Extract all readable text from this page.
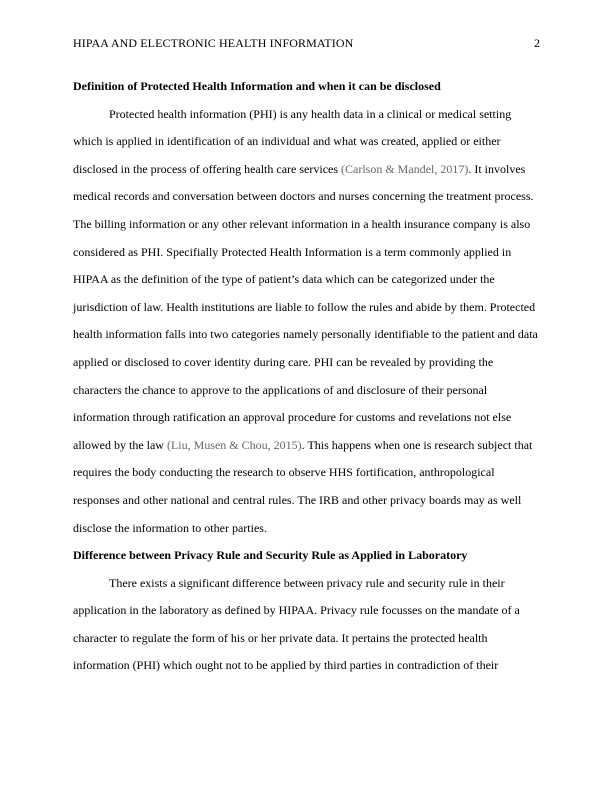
HIPAA AND ELECTRONIC HEALTH INFORMATION	2
Definition of Protected Health Information and when it can be disclosed
Protected health information (PHI) is any health data in a clinical or medical setting
which is applied in identification of an individual and what was created, applied or either
disclosed in the process of offering health care services (Carlson & Mandel, 2017). It involves
medical records and conversation between doctors and nurses concerning the treatment process.
The billing information or any other relevant information in a health insurance company is also
considered as PHI. Specifially Protected Health Information is a term commonly applied in
HIPAA as the definition of the type of patient’s data which can be categorized under the
jurisdiction of law. Health institutions are liable to follow the rules and abide by them. Protected
health information falls into two categories namely personally identifiable to the patient and data
applied or disclosed to cover identity during care. PHI can be revealed by providing the
characters the chance to approve to the applications of and disclosure of their personal
information through ratification an approval procedure for customs and revelations not else
allowed by the law (Liu, Musen & Chou, 2015). This happens when one is research subject that
requires the body conducting the research to observe HHS fortification, anthropological
responses and other national and central rules. The IRB and other privacy boards may as well
disclose the information to other parties.
Difference between Privacy Rule and Security Rule as Applied in Laboratory
There exists a significant difference between privacy rule and security rule in their
application in the laboratory as defined by HIPAA. Privacy rule focusses on the mandate of a
character to regulate the form of his or her private data. It pertains the protected health
information (PHI) which ought not to be applied by third parties in contradiction of their
